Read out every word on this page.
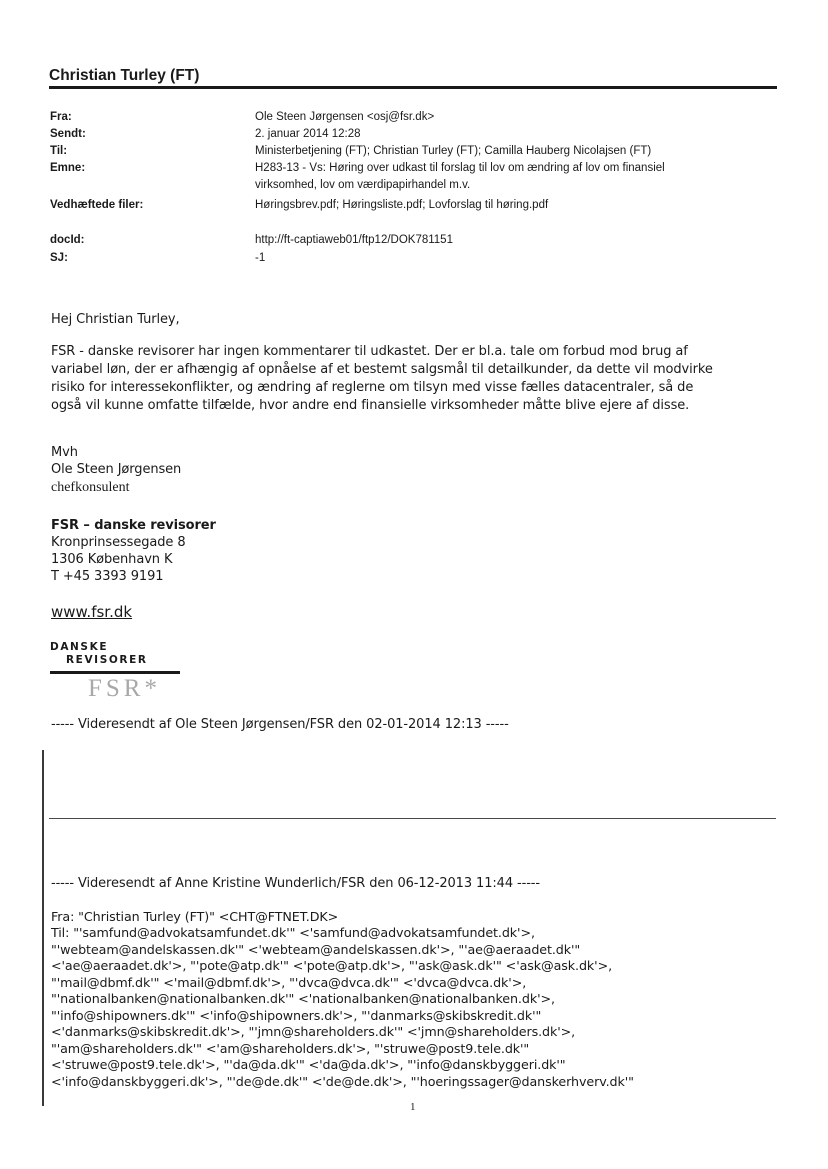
Christian Turley (FT)
Fra:	Ole Steen Jørgensen <osj@fsr.dk>
Sendt:	2. januar 2014 12:28
Til:	Ministerbetjening (FT); Christian Turley (FT); Camilla Hauberg Nicolajsen (FT)
Emne:	H283-13 - Vs: Høring over udkast til forslag til lov om ændring af lov om finansiel
virksomhed, lov om værdipapirhandel m.v.
Vedhæftede filer:	Høringsbrev.pdf; Høringsliste.pdf; Lovforslag til høring.pdf
docId:	http://ft-captiaweb01/ftp12/DOK781151
SJ:	-1
Hej Christian Turley,
FSR - danske revisorer har ingen kommentarer til udkastet. Der er bl.a. tale om forbud mod brug af
variabel løn, der er afhængig af opnåelse af et bestemt salgsmål til detailkunder, da dette vil modvirke
risiko for interessekonflikter, og ændring af reglerne om tilsyn med visse fælles datacentraler, så de
også vil kunne omfatte tilfælde, hvor andre end finansielle virksomheder måtte blive ejere af disse.
Mvh
Ole Steen Jørgensen
chefkonsulent
FSR – danske revisorer
Kronprinsessegade 8
1306 København K
T +45 3393 9191
www.fsr.dk
DANSKE
REVISORER
FSR*
----- Videresendt af Ole Steen Jørgensen/FSR den 02-01-2014 12:13 -----
----- Videresendt af Anne Kristine Wunderlich/FSR den 06-12-2013 11:44 -----
Fra: "Christian Turley (FT)" <CHT@FTNET.DK>
Til: "'samfund@advokatsamfundet.dk'" <'samfund@advokatsamfundet.dk'>,
"'webteam@andelskassen.dk'" <'webteam@andelskassen.dk'>, "'ae@aeraadet.dk'"
<'ae@aeraadet.dk'>, "'pote@atp.dk'" <'pote@atp.dk'>, "'ask@ask.dk'" <'ask@ask.dk'>,
"'mail@dbmf.dk'" <'mail@dbmf.dk'>, "'dvca@dvca.dk'" <'dvca@dvca.dk'>,
"'nationalbanken@nationalbanken.dk'" <'nationalbanken@nationalbanken.dk'>,
"'info@shipowners.dk'" <'info@shipowners.dk'>, "'danmarks@skibskredit.dk'"
<'danmarks@skibskredit.dk'>, "'jmn@shareholders.dk'" <'jmn@shareholders.dk'>,
"'am@shareholders.dk'" <'am@shareholders.dk'>, "'struwe@post9.tele.dk'"
<'struwe@post9.tele.dk'>, "'da@da.dk'" <'da@da.dk'>, "'info@danskbyggeri.dk'"
<'info@danskbyggeri.dk'>, "'de@de.dk'" <'de@de.dk'>, "'hoeringssager@danskerhverv.dk'"
1
